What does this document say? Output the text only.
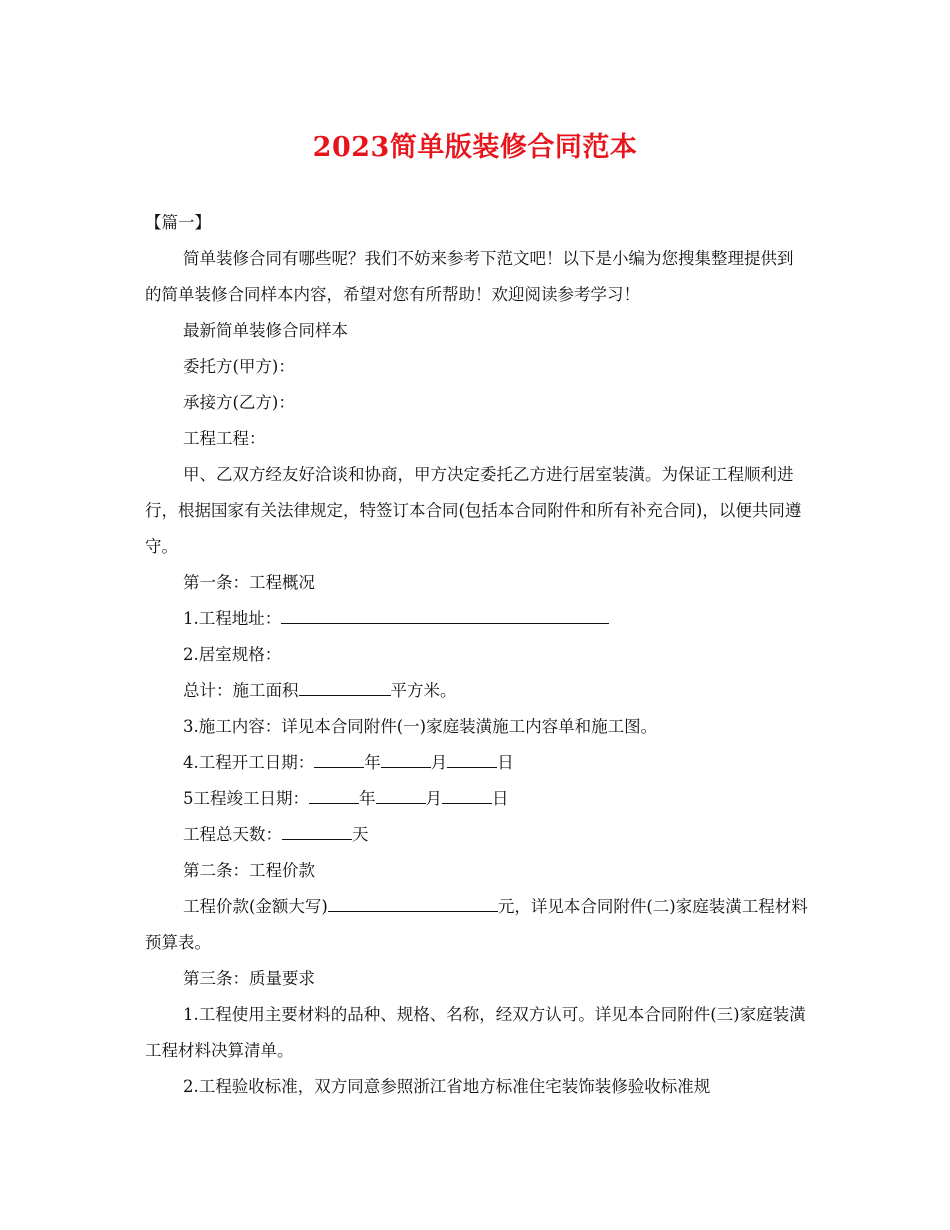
2023简单版装修合同范本

【篇一】

简单装修合同有哪些呢？我们不妨来参考下范文吧！以下是小编为您搜集整理提供到的简单装修合同样本内容，希望对您有所帮助！欢迎阅读参考学习！

最新简单装修合同样本

委托方(甲方)：

承接方(乙方)：

工程工程：

甲、乙双方经友好洽谈和协商，甲方决定委托乙方进行居室装潢。为保证工程顺利进行，根据国家有关法律规定，特签订本合同(包括本合同附件和所有补充合同)，以便共同遵守。

第一条：工程概况

1.工程地址：

2.居室规格：

总计：施工面积	平方米。

3.施工内容：详见本合同附件(一)家庭装潢施工内容单和施工图。

4.工程开工日期：	年	月	日

5工程竣工日期：	年	月	日

工程总天数：	天

第二条：工程价款

工程价款(金额大写)	元，详见本合同附件(二)家庭装潢工程材料预算表。

第三条：质量要求

1.工程使用主要材料的品种、规格、名称，经双方认可。详见本合同附件(三)家庭装潢工程材料决算清单。

2.工程验收标准，双方同意参照浙江省地方标准住宅装饰装修验收标准规
